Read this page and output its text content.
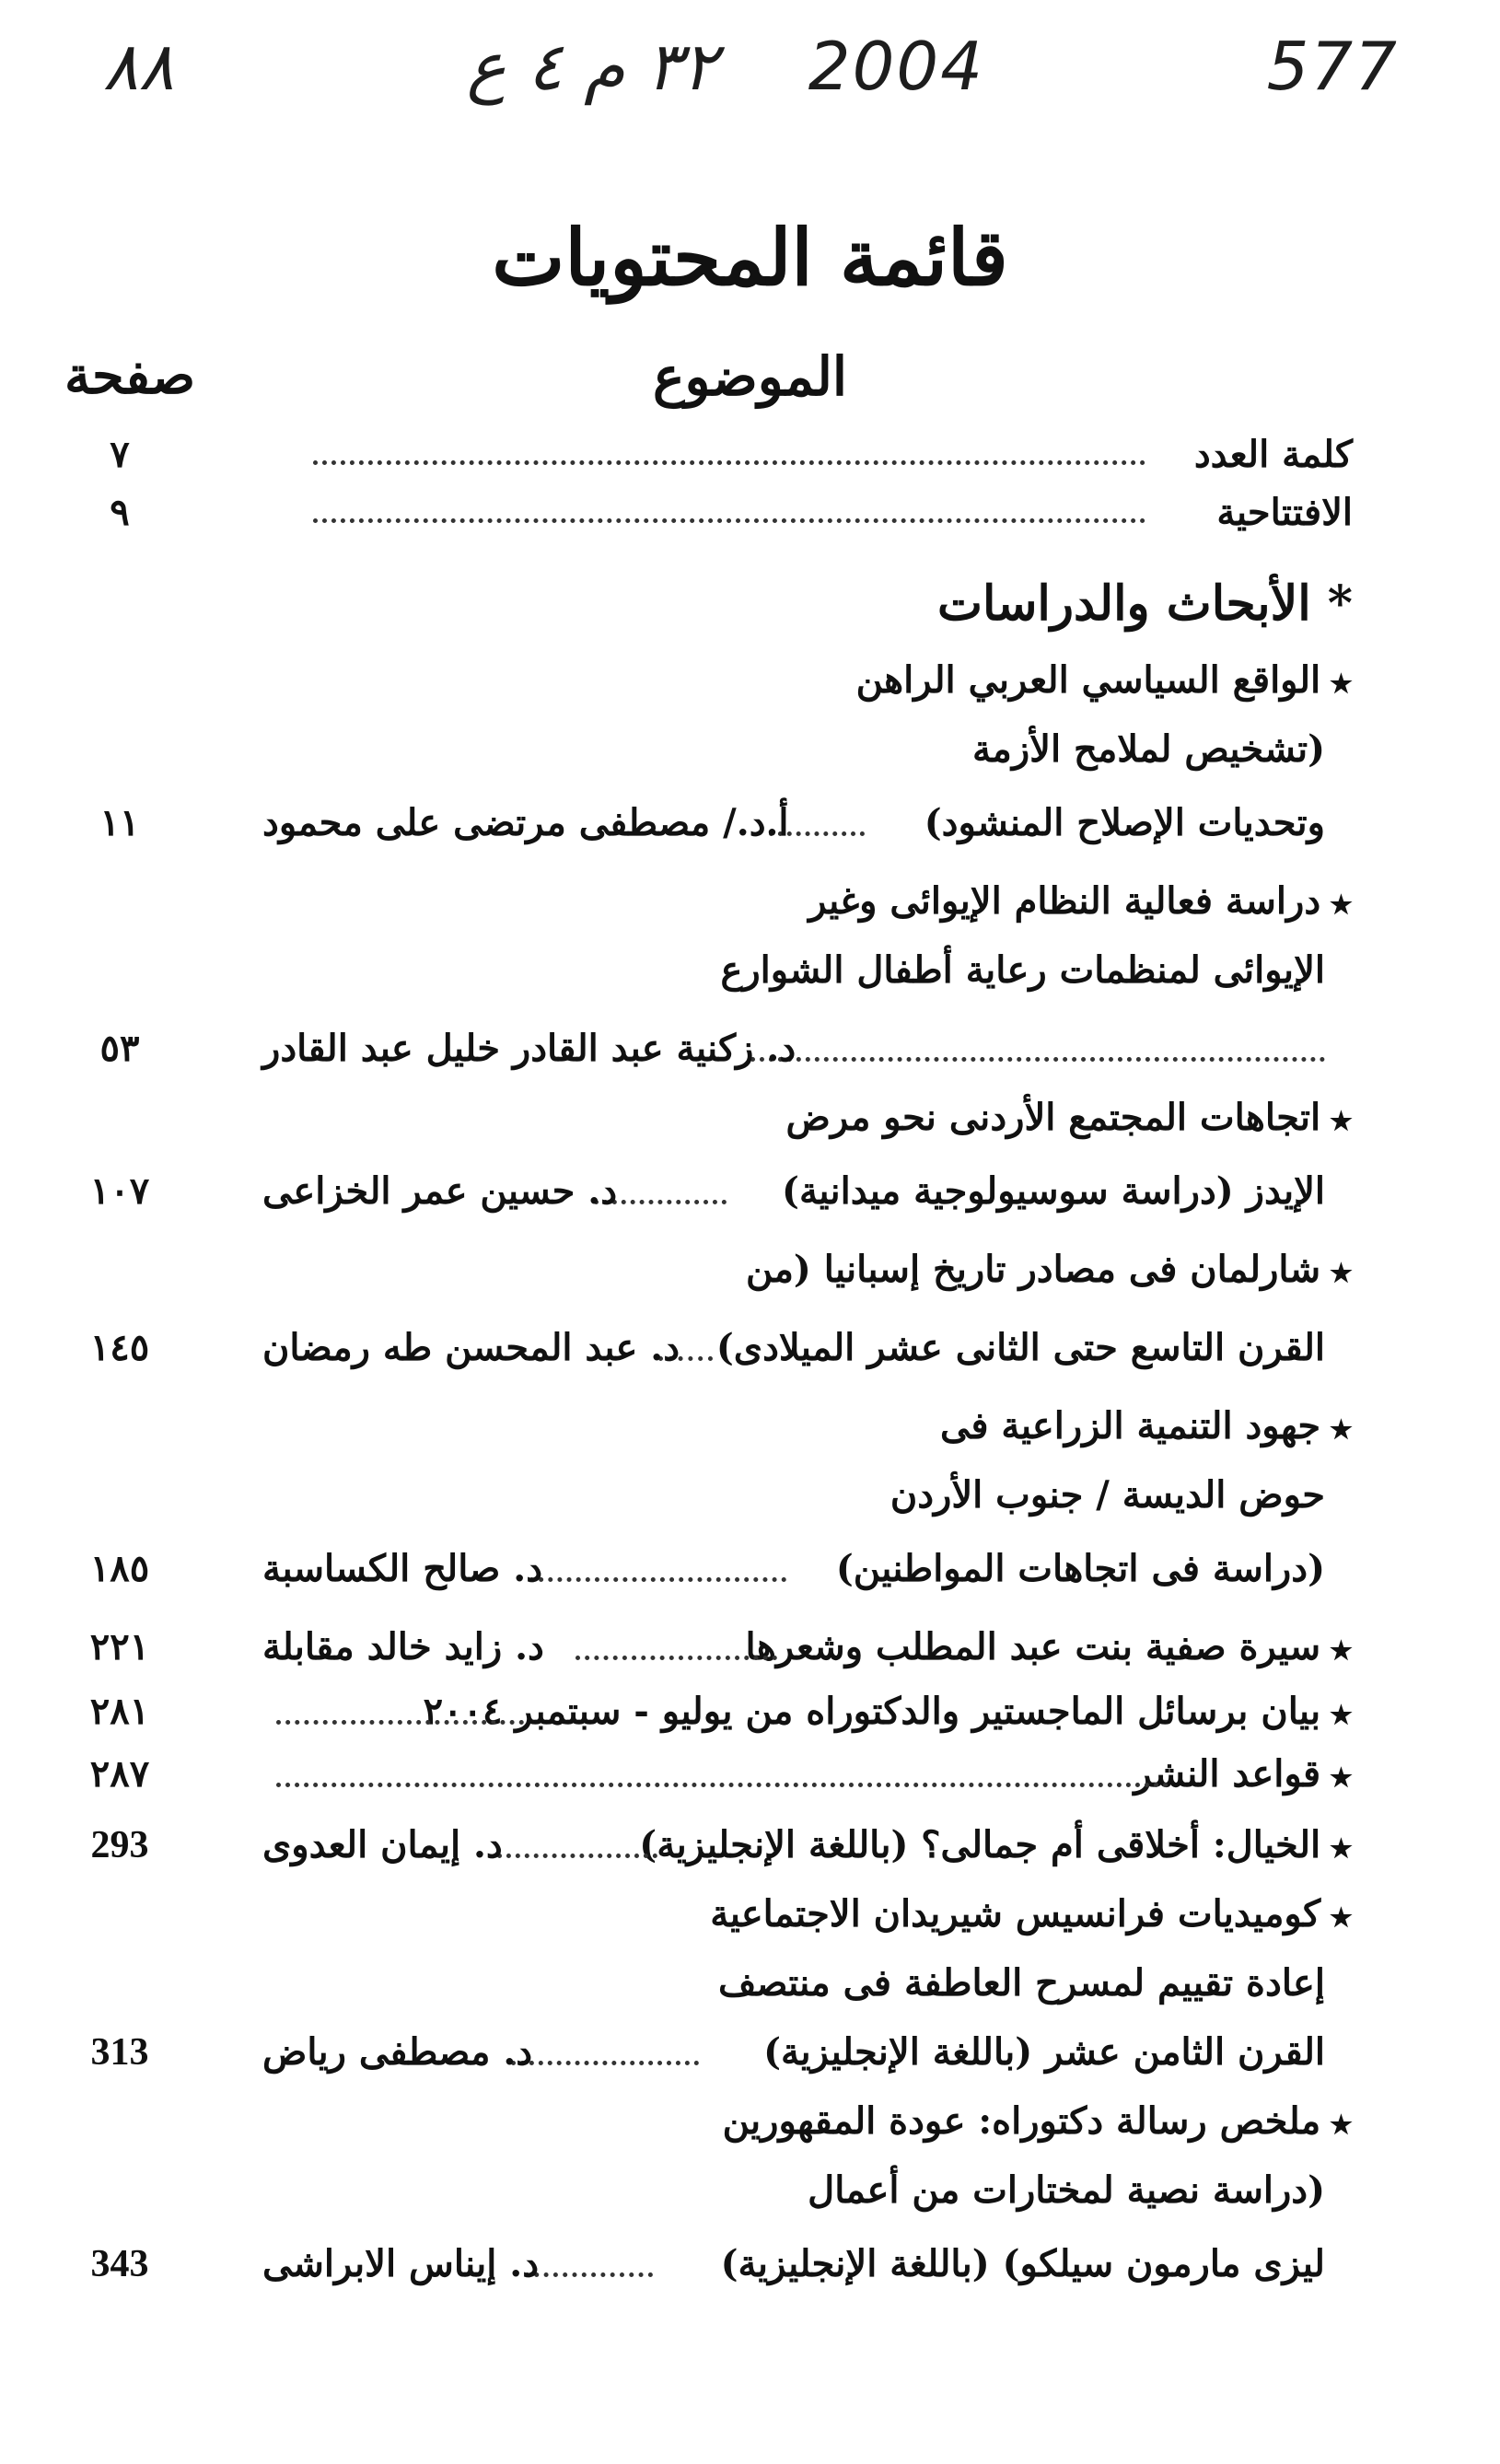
577
2004
٣٢ م ٤ ع
٨٨
قائمة المحتويات
الموضوع
صفحة
كلمة العدد
٧
الافتتاحية
٩
* الأبحاث والدراسات
★ الواقع السياسي العربي الراهن
(تشخيص لملامح الأزمة
وتحديات الإصلاح المنشود)
أ.د./ مصطفى مرتضى على محمود
١١
★ دراسة فعالية النظام الإيوائى وغير
الإيوائى لمنظمات رعاية أطفال الشوارع
د. زكنية عبد القادر خليل عبد القادر
٥٣
★ اتجاهات المجتمع الأردنى نحو مرض
الإيدز (دراسة سوسيولوجية ميدانية)
د. حسين عمر الخزاعى
١٠٧
★ شارلمان فى مصادر تاريخ إسبانيا (من
القرن التاسع حتى الثانى عشر الميلادى)
د. عبد المحسن طه رمضان
١٤٥
★ جهود التنمية الزراعية فى
حوض الديسة / جنوب الأردن
(دراسة فى اتجاهات المواطنين)
د. صالح الكساسبة
١٨٥
★ سيرة صفية بنت عبد المطلب وشعرها
د. زايد خالد مقابلة
٢٢١
★ بيان برسائل الماجستير والدكتوراه من يوليو - سبتمبر ٢٠٠٤
٢٨١
★ قواعد النشر
٢٨٧
★ الخيال: أخلاقى أم جمالى؟ (باللغة الإنجليزية)
د. إيمان العدوى
293
★ كوميديات فرانسيس شيريدان الاجتماعية
إعادة تقييم لمسرح العاطفة فى منتصف
القرن الثامن عشر (باللغة الإنجليزية)
د. مصطفى رياض
313
★ ملخص رسالة دكتوراه: عودة المقهورين
(دراسة نصية لمختارات من أعمال
ليزى مارمون سيلكو) (باللغة الإنجليزية)
د. إيناس الابراشى
343
